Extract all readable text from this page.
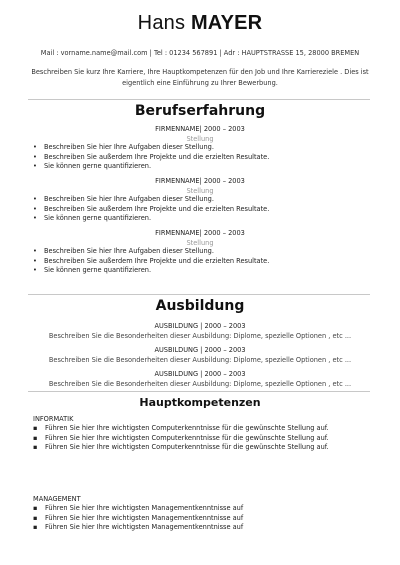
Hans MAYER
Mail : vorname.name@mail.com | Tel : 01234 567891 | Adr : HAUPTSTRASSE 15, 28000 BREMEN
Beschreiben Sie kurz Ihre Karriere, Ihre Hauptkompetenzen für den Job und Ihre Karriereziele . Dies ist
eigentlich eine Einführung zu Ihrer Bewerbung.
Berufserfahrung
FIRMENNAME| 2000 – 2003
Stellung
• Beschreiben Sie hier Ihre Aufgaben dieser Stellung.
• Beschreiben Sie außerdem Ihre Projekte und die erzielten Resultate.
• Sie können gerne quantifizieren.
FIRMENNAME| 2000 – 2003
Stellung
• Beschreiben Sie hier Ihre Aufgaben dieser Stellung.
• Beschreiben Sie außerdem Ihre Projekte und die erzielten Resultate.
• Sie können gerne quantifizieren.
FIRMENNAME| 2000 – 2003
Stellung
• Beschreiben Sie hier Ihre Aufgaben dieser Stellung.
• Beschreiben Sie außerdem Ihre Projekte und die erzielten Resultate.
• Sie können gerne quantifizieren.
Ausbildung
AUSBILDUNG | 2000 – 2003
Beschreiben Sie die Besonderheiten dieser Ausbildung: Diplome, spezielle Optionen , etc ...
AUSBILDUNG | 2000 – 2003
Beschreiben Sie die Besonderheiten dieser Ausbildung: Diplome, spezielle Optionen , etc ...
AUSBILDUNG | 2000 – 2003
Beschreiben Sie die Besonderheiten dieser Ausbildung: Diplome, spezielle Optionen , etc ...
Hauptkompetenzen
INFORMATIK
▪ Führen Sie hier Ihre wichtigsten Computerkenntnisse für die gewünschte Stellung auf.
▪ Führen Sie hier Ihre wichtigsten Computerkenntnisse für die gewünschte Stellung auf.
▪ Führen Sie hier Ihre wichtigsten Computerkenntnisse für die gewünschte Stellung auf.
MANAGEMENT
▪ Führen Sie hier Ihre wichtigsten Managementkenntnisse auf
▪ Führen Sie hier Ihre wichtigsten Managementkenntnisse auf
▪ Führen Sie hier Ihre wichtigsten Managementkenntnisse auf
